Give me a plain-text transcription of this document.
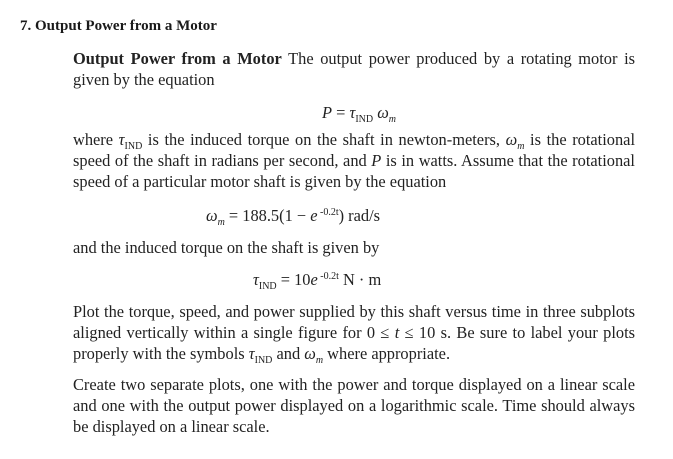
7. Output Power from a Motor

Output Power from a Motor The output power produced by a rotating motor is given by the equation

$P = \tau_{IND}$ $\omega_m$

where $\tau_{IND}$ is the induced torque on the shaft in newton-meters, $\omega_m$ is the rotational speed of the shaft in radians per second, and P is in watts. Assume that the rotational speed of a particular motor shaft is given by the equation

$\omega_m = 188.5(1 - e$ $^{-0.2t}$) rad/s

and the induced torque on the shaft is given by

$\tau_{IND} = 10e$ $^{-0.2t}$ N · m

Plot the torque, speed, and power supplied by this shaft versus time in three subplots aligned vertically within a single figure for 0 ≤ t ≤ 10 s. Be sure to label your plots properly with the symbols $\tau_{IND}$ and $\omega_m$ where appropriate.

Create two separate plots, one with the power and torque displayed on a linear scale and one with the output power displayed on a logarithmic scale. Time should always be displayed on a linear scale.
